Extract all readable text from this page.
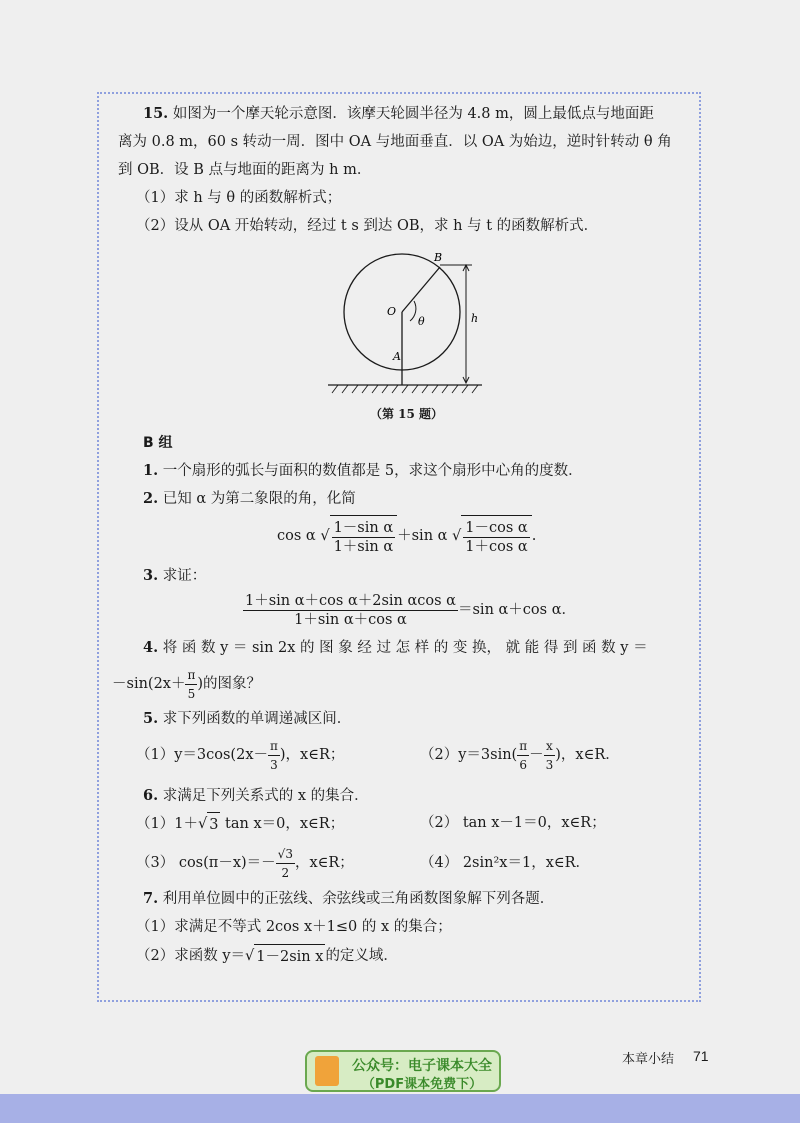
15. 如图为一个摩天轮示意图．该摩天轮圆半径为 4.8 m，圆上最低点与地面距
离为 0.8 m，60 s 转动一周．图中 OA 与地面垂直．以 OA 为始边，逆时针转动 θ 角
到 OB．设 B 点与地面的距离为 h m．
（1）求 h 与 θ 的函数解析式；
（2）设从 OA 开始转动，经过 t s 到达 OB，求 h 与 t 的函数解析式．
O
A
B
θ	h
（第 15 题）
B 组
1. 一个扇形的弧长与面积的数值都是 5，求这个扇形中心角的度数．
2. 已知 α 为第二象限的角，化简
cos α √ $\frac{\text{1－sin α}}{\text{1＋sin α}} +\sin$ α √ $\frac{\text{1－cos α}}{\text{1＋cos α}}$ .
3. 求证：
$\frac{\text{1＋sin α＋cos α＋2sin αcos α}}{\text{1＋sin α＋cos α}} =\sin$ α＋cos α．
4. 将 函 数 y ＝ sin 2x 的 图 象 经 过 怎 样 的 变 换， 就 能 得 到 函 数 y ＝
$-\sin(2x+ \frac{\pi}{5}$ )的图象？
5. 求下列函数的单调递减区间．
$(1)y=3\cos(2x- \frac{\pi}{3}$ )，x∈R；	$(2)y=3\sin( \frac{\pi}{6} - \frac{x}{3}$ )，x∈R．
6. 求满足下列关系式的 x 的集合．
（1）1＋√ 3 tan x＝0，x∈R；	（2） tan x－1＝0，x∈R；
（3） $\cos(\pi-x)=- \frac{√3}{2}$ ，x∈R；	（4） 2sin²x＝1，x∈R．
7. 利用单位圆中的正弦线、余弦线或三角函数图象解下列各题．
（1）求满足不等式 2cos x＋1≤0 的 x 的集合；
（2）求函数 y＝√ 1－2sin x 的定义域．
本章小结 71
公众号：电子课本大全
（PDF课本免费下）
